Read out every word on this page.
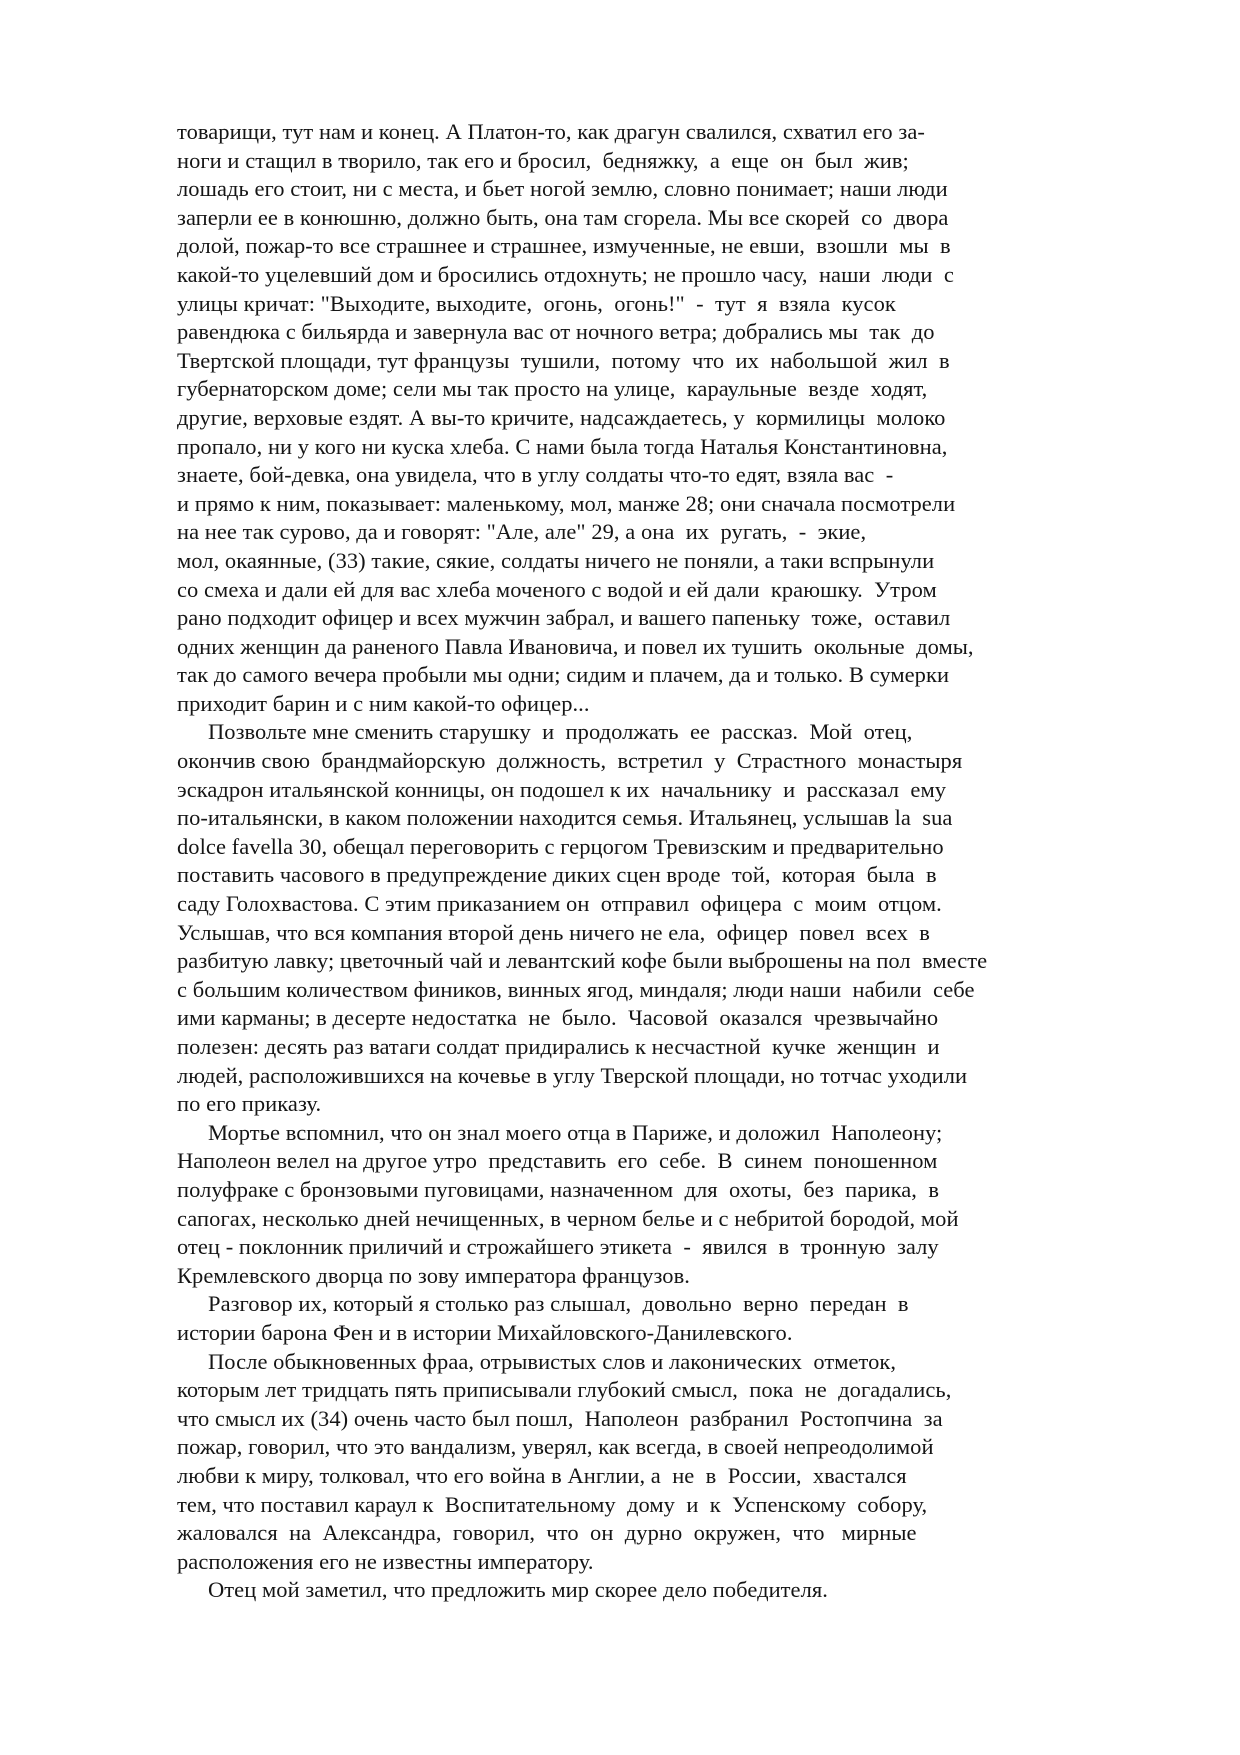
товарищи, тут нам и конец. А Платон-то, как драгун свалился, схватил его за-
ноги и стащил в творило, так его и бросил,  бедняжку,  а  еще  он  был  жив;
лошадь его стоит, ни с места, и бьет ногой землю, словно понимает; наши люди
заперли ее в конюшню, должно быть, она там сгорела. Мы все скорей  со  двора
долой, пожар-то все страшнее и страшнее, измученные, не евши,  взошли  мы  в
какой-то уцелевший дом и бросились отдохнуть; не прошло часу,  наши  люди  с
улицы кричат: "Выходите, выходите,  огонь,  огонь!"  -  тут  я  взяла  кусок
равендюка с бильярда и завернула вас от ночного ветра; добрались мы  так  до
Твертской площади, тут французы  тушили,  потому  что  их  набольшой  жил  в
губернаторском доме; сели мы так просто на улице,  караульные  везде  ходят,
другие, верховые ездят. А вы-то кричите, надсаждаетесь, у  кормилицы  молоко
пропало, ни у кого ни куска хлеба. С нами была тогда Наталья Константиновна,
знаете, бой-девка, она увидела, что в углу солдаты что-то едят, взяла вас  -
и прямо к ним, показывает: маленькому, мол, манже 28; они сначала посмотрели
на нее так сурово, да и говорят: "Але, але" 29, а она  их  ругать,  -  экие,
мол, окаянные, (33) такие, сякие, солдаты ничего не поняли, а таки вспрынули
со смеха и дали ей для вас хлеба моченого с водой и ей дали  краюшку.  Утром
рано подходит офицер и всех мужчин забрал, и вашего папеньку  тоже,  оставил
одних женщин да раненого Павла Ивановича, и повел их тушить  окольные  домы,
так до самого вечера пробыли мы одни; сидим и плачем, да и только. В сумерки
приходит барин и с ним какой-то офицер...
Позвольте мне сменить старушку  и  продолжать  ее  рассказ.  Мой  отец,
окончив свою  брандмайорскую  должность,  встретил  у  Страстного  монастыря
эскадрон итальянской конницы, он подошел к их  начальнику  и  рассказал  ему
по-итальянски, в каком положении находится семья. Итальянец, услышав la  sua
dolce favella 30, обещал переговорить с герцогом Тревизским и предварительно
поставить часового в предупреждение диких сцен вроде  той,  которая  была  в
саду Голохвастова. С этим приказанием он  отправил  офицера  с  моим  отцом.
Услышав, что вся компания второй день ничего не ела,  офицер  повел  всех  в
разбитую лавку; цветочный чай и левантский кофе были выброшены на пол  вместе
с большим количеством фиников, винных ягод, миндаля; люди наши  набили  себе
ими карманы; в десерте недостатка  не  было.  Часовой  оказался  чрезвычайно
полезен: десять раз ватаги солдат придирались к несчастной  кучке  женщин  и
людей, расположившихся на кочевье в углу Тверской площади, но тотчас уходили
по его приказу.
Мортье вспомнил, что он знал моего отца в Париже, и доложил  Наполеону;
Наполеон велел на другое утро  представить  его  себе.  В  синем  поношенном
полуфраке с бронзовыми пуговицами, назначенном  для  охоты,  без  парика,  в
сапогах, несколько дней нечищенных, в черном белье и с небритой бородой, мой
отец - поклонник приличий и строжайшего этикета  -  явился  в  тронную  залу
Кремлевского дворца по зову императора французов.
Разговор их, который я столько раз слышал,  довольно  верно  передан  в
истории барона Фен и в истории Михайловского-Данилевского.
После обыкновенных фраа, отрывистых слов и лаконических  отметок,
которым лет тридцать пять приписывали глубокий смысл,  пока  не  догадались,
что смысл их (34) очень часто был пошл,  Наполеон  разбранил  Ростопчина  за
пожар, говорил, что это вандализм, уверял, как всегда, в своей непреодолимой
любви к миру, толковал, что его война в Англии, а  не  в  России,  хвастался
тем, что поставил караул к  Воспитательному  дому  и  к  Успенскому  собору,
жаловался  на  Александра,  говорил,  что  он  дурно  окружен,  что   мирные
расположения его не известны императору.
Отец мой заметил, что предложить мир скорее дело победителя.
